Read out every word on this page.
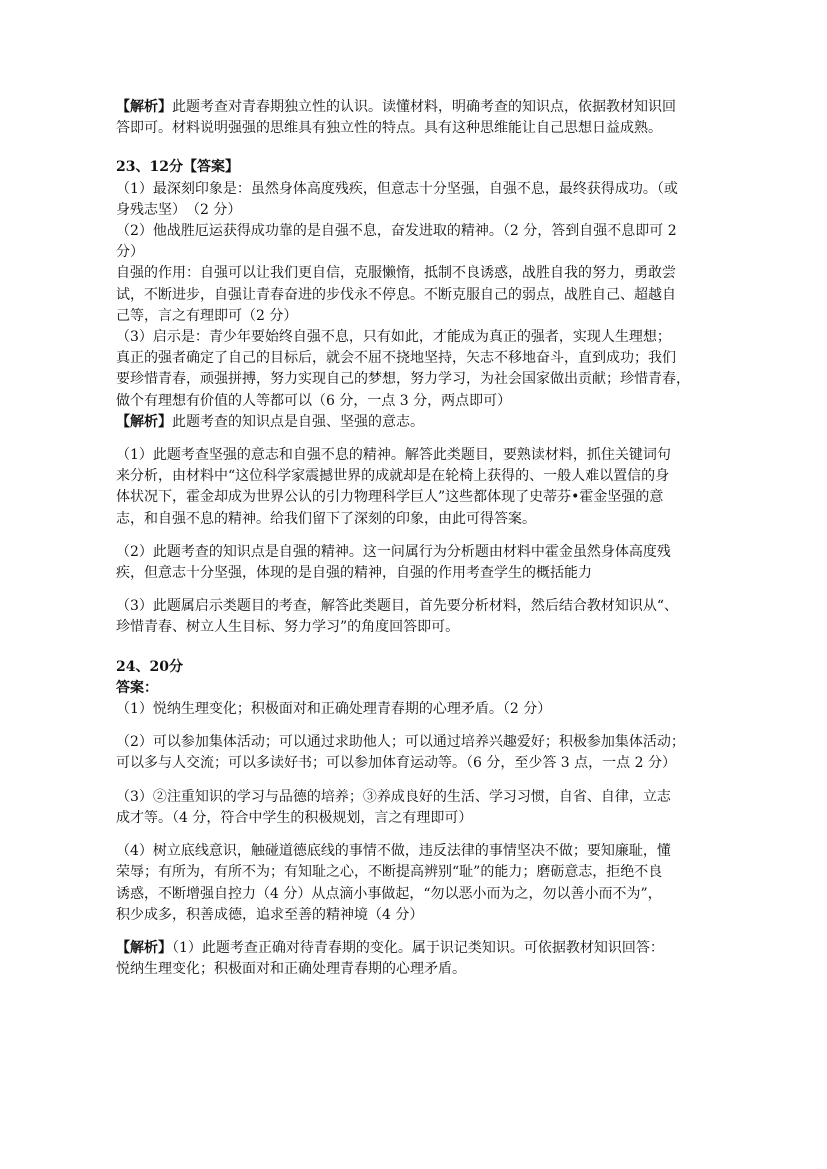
【解析】此题考查对青春期独立性的认识。读懂材料，明确考查的知识点，依据教材知识回
答即可。材料说明强强的思维具有独立性的特点。具有这种思维能让自己思想日益成熟。
23、12分【答案】
（1）最深刻印象是：虽然身体高度残疾，但意志十分坚强，自强不息，最终获得成功。（或
身残志坚）　（2 分）
（2）他战胜厄运获得成功靠的是自强不息，奋发进取的精神。（2 分，答到自强不息即可 2
分）
自强的作用：自强可以让我们更自信，克服懒惰，抵制不良诱惑，战胜自我的努力，勇敢尝
试，不断进步，自强让青春奋进的步伐永不停息。不断克服自己的弱点，战胜自己、超越自
己等，言之有理即可（2 分）
（3）启示是：青少年要始终自强不息，只有如此，才能成为真正的强者，实现人生理想；
真正的强者确定了自己的目标后，就会不屈不挠地坚持，矢志不移地奋斗，直到成功；我们
要珍惜青春，顽强拼搏，努力实现自己的梦想，努力学习，为社会国家做出贡献；珍惜青春，
做个有理想有价值的人等都可以（6 分，一点 3 分，两点即可）
【解析】此题考查的知识点是自强、坚强的意志。
（1）此题考查坚强的意志和自强不息的精神。解答此类题目，要熟读材料，抓住关键词句
来分析，由材料中“这位科学家震撼世界的成就却是在轮椅上获得的、一般人难以置信的身
体状况下，霍金却成为世界公认的引力物理科学巨人”这些都体现了史蒂芬•霍金坚强的意
志，和自强不息的精神。给我们留下了深刻的印象，由此可得答案。
（2）此题考查的知识点是自强的精神。这一问属行为分析题由材料中霍金虽然身体高度残
疾，但意志十分坚强，体现的是自强的精神，自强的作用考查学生的概括能力
（3）此题属启示类题目的考查，解答此类题目，首先要分析材料，然后结合教材知识从“、
珍惜青春、树立人生目标、努力学习”的角度回答即可。
24、20分
答案：
（1）悦纳生理变化；积极面对和正确处理青春期的心理矛盾。（2 分）
（2）可以参加集体活动；可以通过求助他人；可以通过培养兴趣爱好；积极参加集体活动；
可以多与人交流；可以多读好书；可以参加体育运动等。（6 分，至少答 3 点，一点 2 分）
（3）②注重知识的学习与品德的培养；③养成良好的生活、学习习惯，自省、自律，立志
成才等。（4 分，符合中学生的积极规划，言之有理即可）
（4）树立底线意识，触碰道德底线的事情不做，违反法律的事情坚决不做；要知廉耻，懂
荣辱；有所为，有所不为；有知耻之心，不断提高辨别“耻”的能力；磨砺意志，拒绝不良
诱惑，不断增强自控力（4 分）从点滴小事做起，“勿以恶小而为之，勿以善小而不为”，
积少成多，积善成德，追求至善的精神境（4 分）
【解析】（1）此题考查正确对待青春期的变化。属于识记类知识。可依据教材知识回答：
悦纳生理变化；积极面对和正确处理青春期的心理矛盾。
